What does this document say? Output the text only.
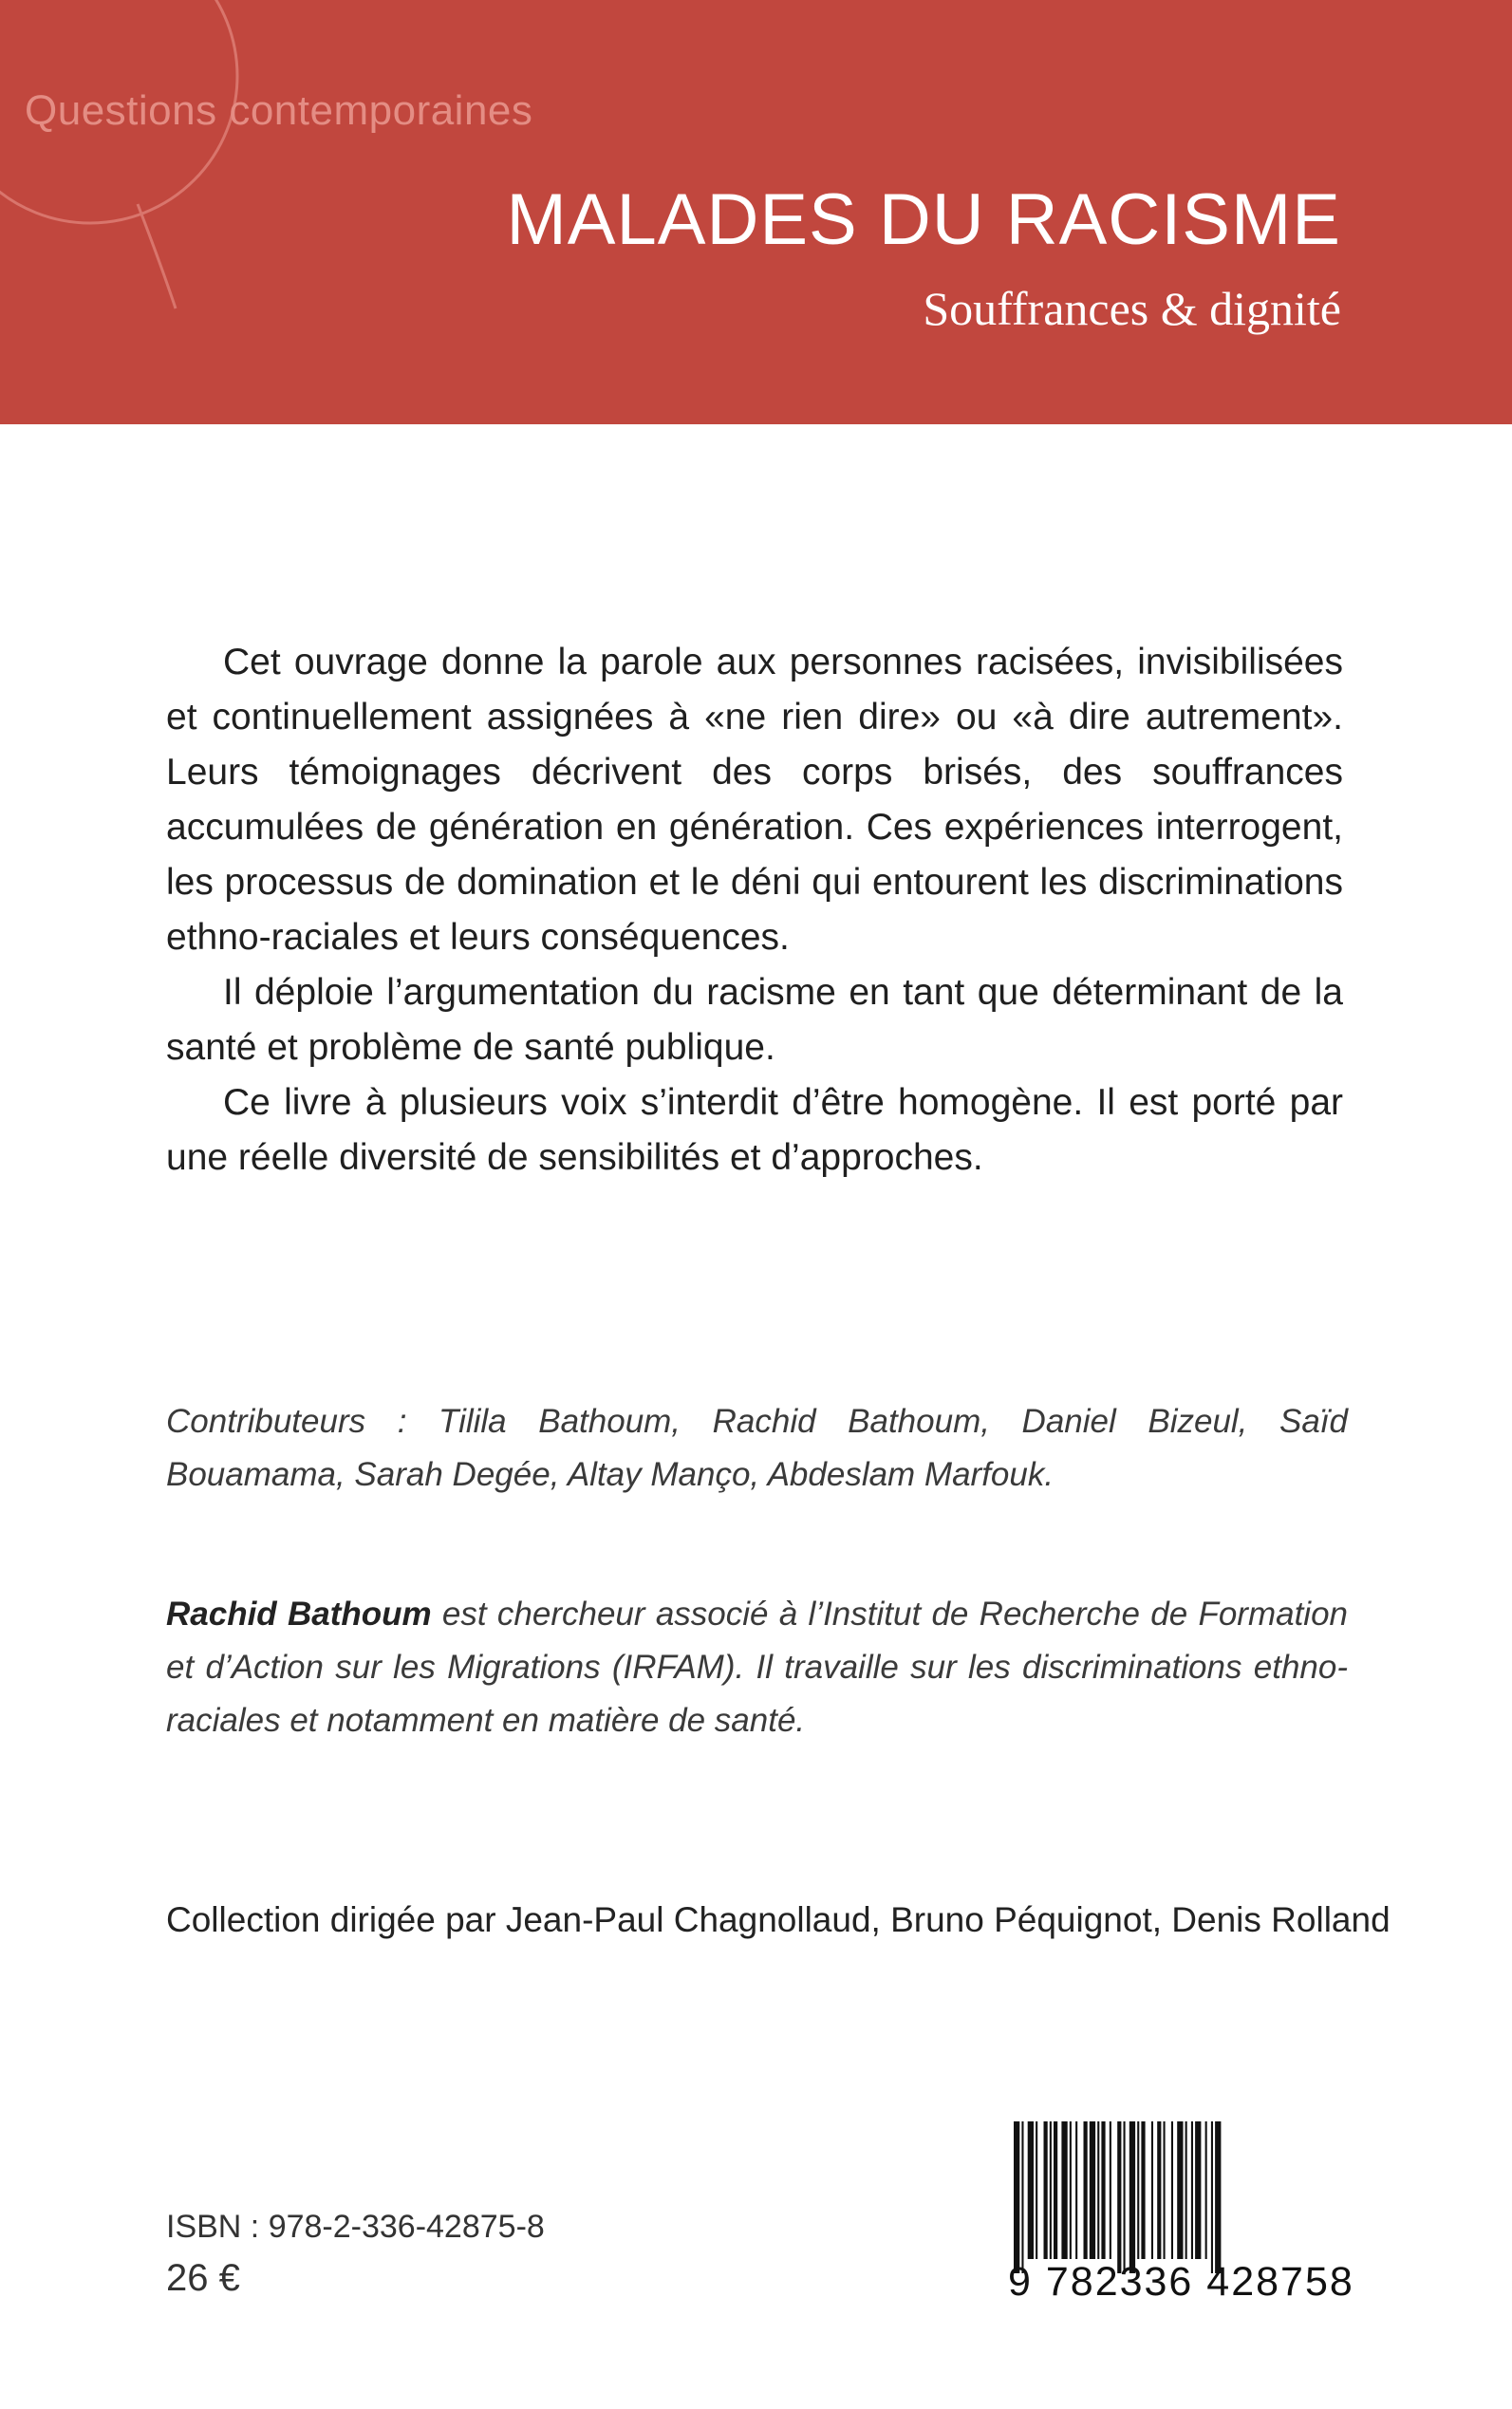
Questions contemporaines
MALADES DU RACISME
Souffrances & dignité

Cet ouvrage donne la parole aux personnes racisées, invisibilisées et continuellement assignées à «ne rien dire» ou «à dire autrement». Leurs témoignages décrivent des corps brisés, des souffrances accumulées de génération en génération. Ces expériences interrogent, les processus de domination et le déni qui entourent les discriminations ethno-raciales et leurs conséquences.

Il déploie l’argumentation du racisme en tant que déterminant de la santé et problème de santé publique.

Ce livre à plusieurs voix s’interdit d’être homogène. Il est porté par une réelle diversité de sensibilités et d’approches.

Contributeurs : Tilila Bathoum, Rachid Bathoum, Daniel Bizeul, Saïd Bouamama, Sarah Degée, Altay Manço, Abdeslam Marfouk.
Rachid Bathoum est chercheur associé à l’Institut de Recherche de Formation et d’Action sur les Migrations (IRFAM). Il travaille sur les discriminations ethno-raciales et notamment en matière de santé.
Collection dirigée par Jean-Paul Chagnollaud, Bruno Péquignot, Denis Rolland
ISBN : 978-2-336-42875-8
26 €	9 782336 428758
